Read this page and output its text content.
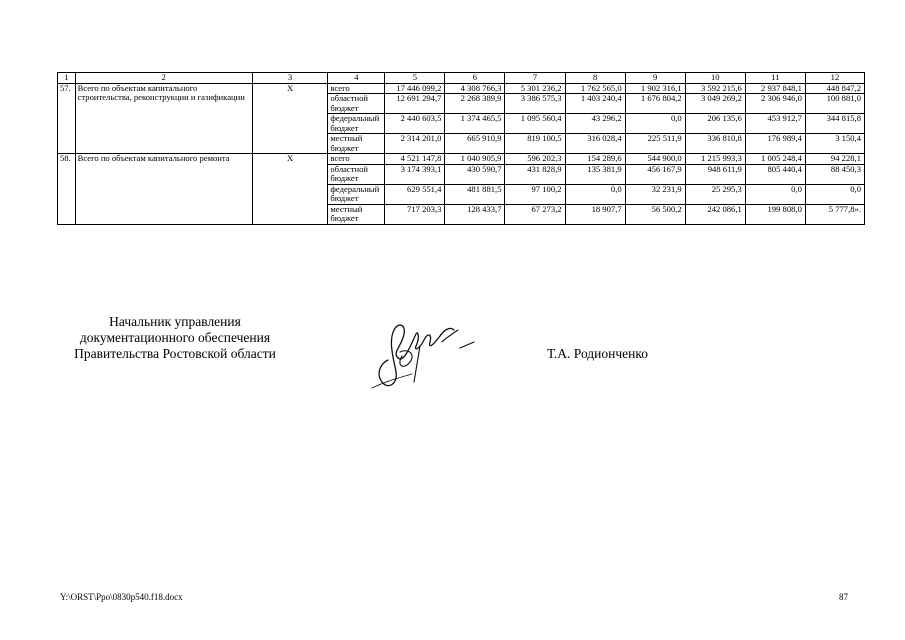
1	2	3	4	5	6	7	8	9	10	11	12
57.	Всего по объектам капитального строительства, реконструкции и газификации	X	всего	17 446 099,2	4 308 766,3	5 301 236,2	1 762 565,0	1 902 316,1	3 592 215,6	2 937 848,1	448 847,2
			областной бюджет	12 691 294,7	2 268 389,9	3 386 575,3	1 403 240,4	1 676 804,2	3 049 269,2	2 306 946,0	100 881,0
			федеральный бюджет	2 440 603,5	1 374 465,5	1 095 560,4	43 296,2	0,0	206 135,6	453 912,7	344 815,8
			местный бюджет	2 314 201,0	665 910,9	819 100,5	316 028,4	225 511,9	336 810,8	176 989,4	3 150,4
58.	Всего по объектам капитального ремонта	X	всего	4 521 147,8	1 040 905,9	596 202,3	154 289,6	544 900,0	1 215 993,3	1 005 248,4	94 228,1
			областной бюджет	3 174 393,1	430 590,7	431 828,9	135 381,9	456 167,9	948 611,9	805 440,4	88 450,3
			федеральный бюджет	629 551,4	481 881,5	97 100,2	0,0	32 231,9	25 295,3	0,0	0,0
			местный бюджет	717 203,3	128 433,7	67 273,2	18 907,7	56 500,2	242 086,1	199 808,0	5 777,8».
Начальник управления
документационного обеспечения
Правительства Ростовской области	Т.А. Родионченко
Y:\ORST\Ppo\0830p540.f18.docx	87
